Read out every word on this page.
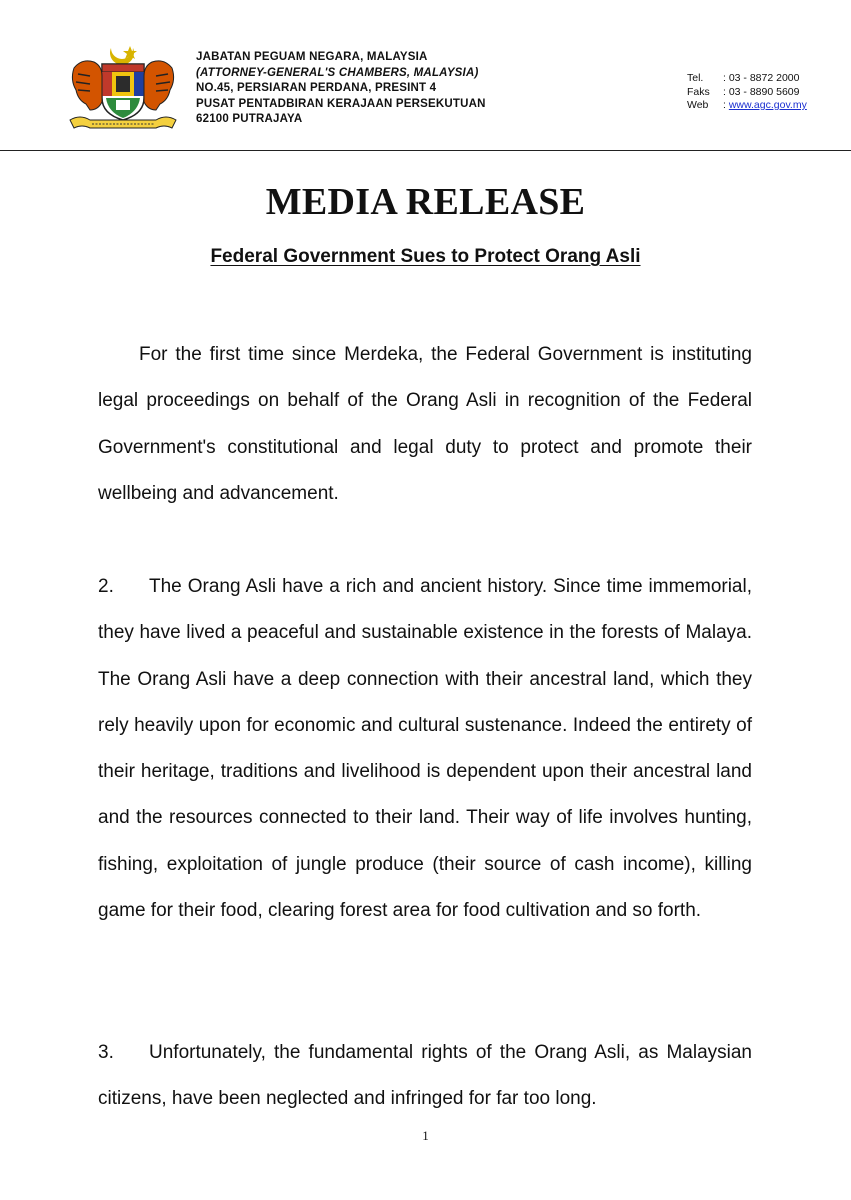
JABATAN PEGUAM NEGARA, MALAYSIA
(ATTORNEY-GENERAL'S CHAMBERS, MALAYSIA)
NO.45, PERSIARAN PERDANA, PRESINT 4
PUSAT PENTADBIRAN KERAJAAN PERSEKUTUAN
62100 PUTRAJAYA
Tel. : 03 - 8872 2000
Faks : 03 - 8890 5609
Web : www.agc.gov.my
MEDIA RELEASE
Federal Government Sues to Protect Orang Asli

For the first time since Merdeka, the Federal Government is instituting legal proceedings on behalf of the Orang Asli in recognition of the Federal Government's constitutional and legal duty to protect and promote their wellbeing and advancement.

2. The Orang Asli have a rich and ancient history. Since time immemorial, they have lived a peaceful and sustainable existence in the forests of Malaya. The Orang Asli have a deep connection with their ancestral land, which they rely heavily upon for economic and cultural sustenance. Indeed the entirety of their heritage, traditions and livelihood is dependent upon their ancestral land and the resources connected to their land. Their way of life involves hunting, fishing, exploitation of jungle produce (their source of cash income), killing game for their food, clearing forest area for food cultivation and so forth.

3. Unfortunately, the fundamental rights of the Orang Asli, as Malaysian citizens, have been neglected and infringed for far too long.

1
